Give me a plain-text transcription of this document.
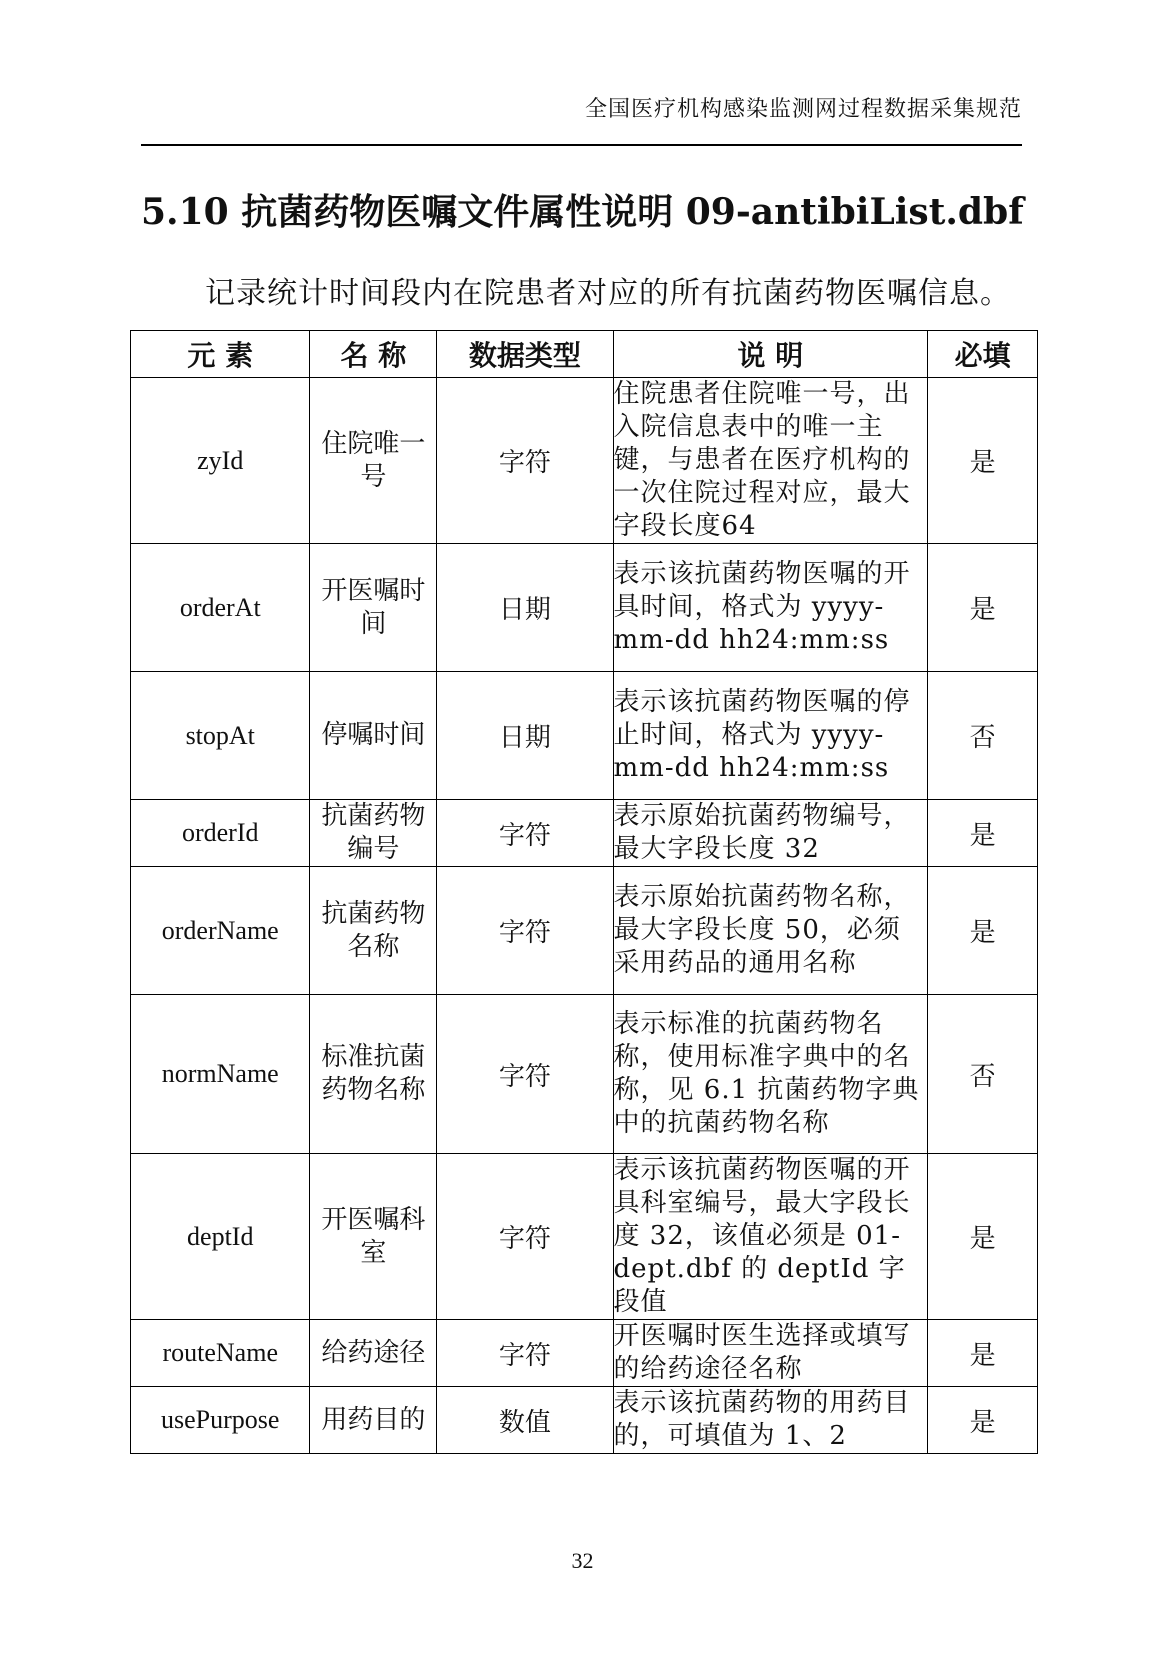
全国医疗机构感染监测网过程数据采集规范
5.10 抗菌药物医嘱文件属性说明 09-antibiList.dbf
记录统计时间段内在院患者对应的所有抗菌药物医嘱信息。
元 素	名 称	数据类型	说 明	必填
zyId	住院唯一号	字符	住院患者住院唯一号，出入院信息表中的唯一主键，与患者在医疗机构的一次住院过程对应，最大字段长度64	是
orderAt	开医嘱时间	日期	表示该抗菌药物医嘱的开具时间，格式为 yyyy-mm-dd hh24:mm:ss	是
stopAt	停嘱时间	日期	表示该抗菌药物医嘱的停止时间，格式为 yyyy-mm-dd hh24:mm:ss	否
orderId	抗菌药物编号	字符	表示原始抗菌药物编号，最大字段长度 32	是
orderName	抗菌药物名称	字符	表示原始抗菌药物名称，最大字段长度 50，必须采用药品的通用名称	是
normName	标准抗菌药物名称	字符	表示标准的抗菌药物名称，使用标准字典中的名称，见 6.1 抗菌药物字典中的抗菌药物名称	否
deptId	开医嘱科室	字符	表示该抗菌药物医嘱的开具科室编号，最大字段长度 32，该值必须是 01-dept.dbf 的 deptId 字段值	是
routeName	给药途径	字符	开医嘱时医生选择或填写的给药途径名称	是
usePurpose	用药目的	数值	表示该抗菌药物的用药目的，可填值为 1、2	是
32
